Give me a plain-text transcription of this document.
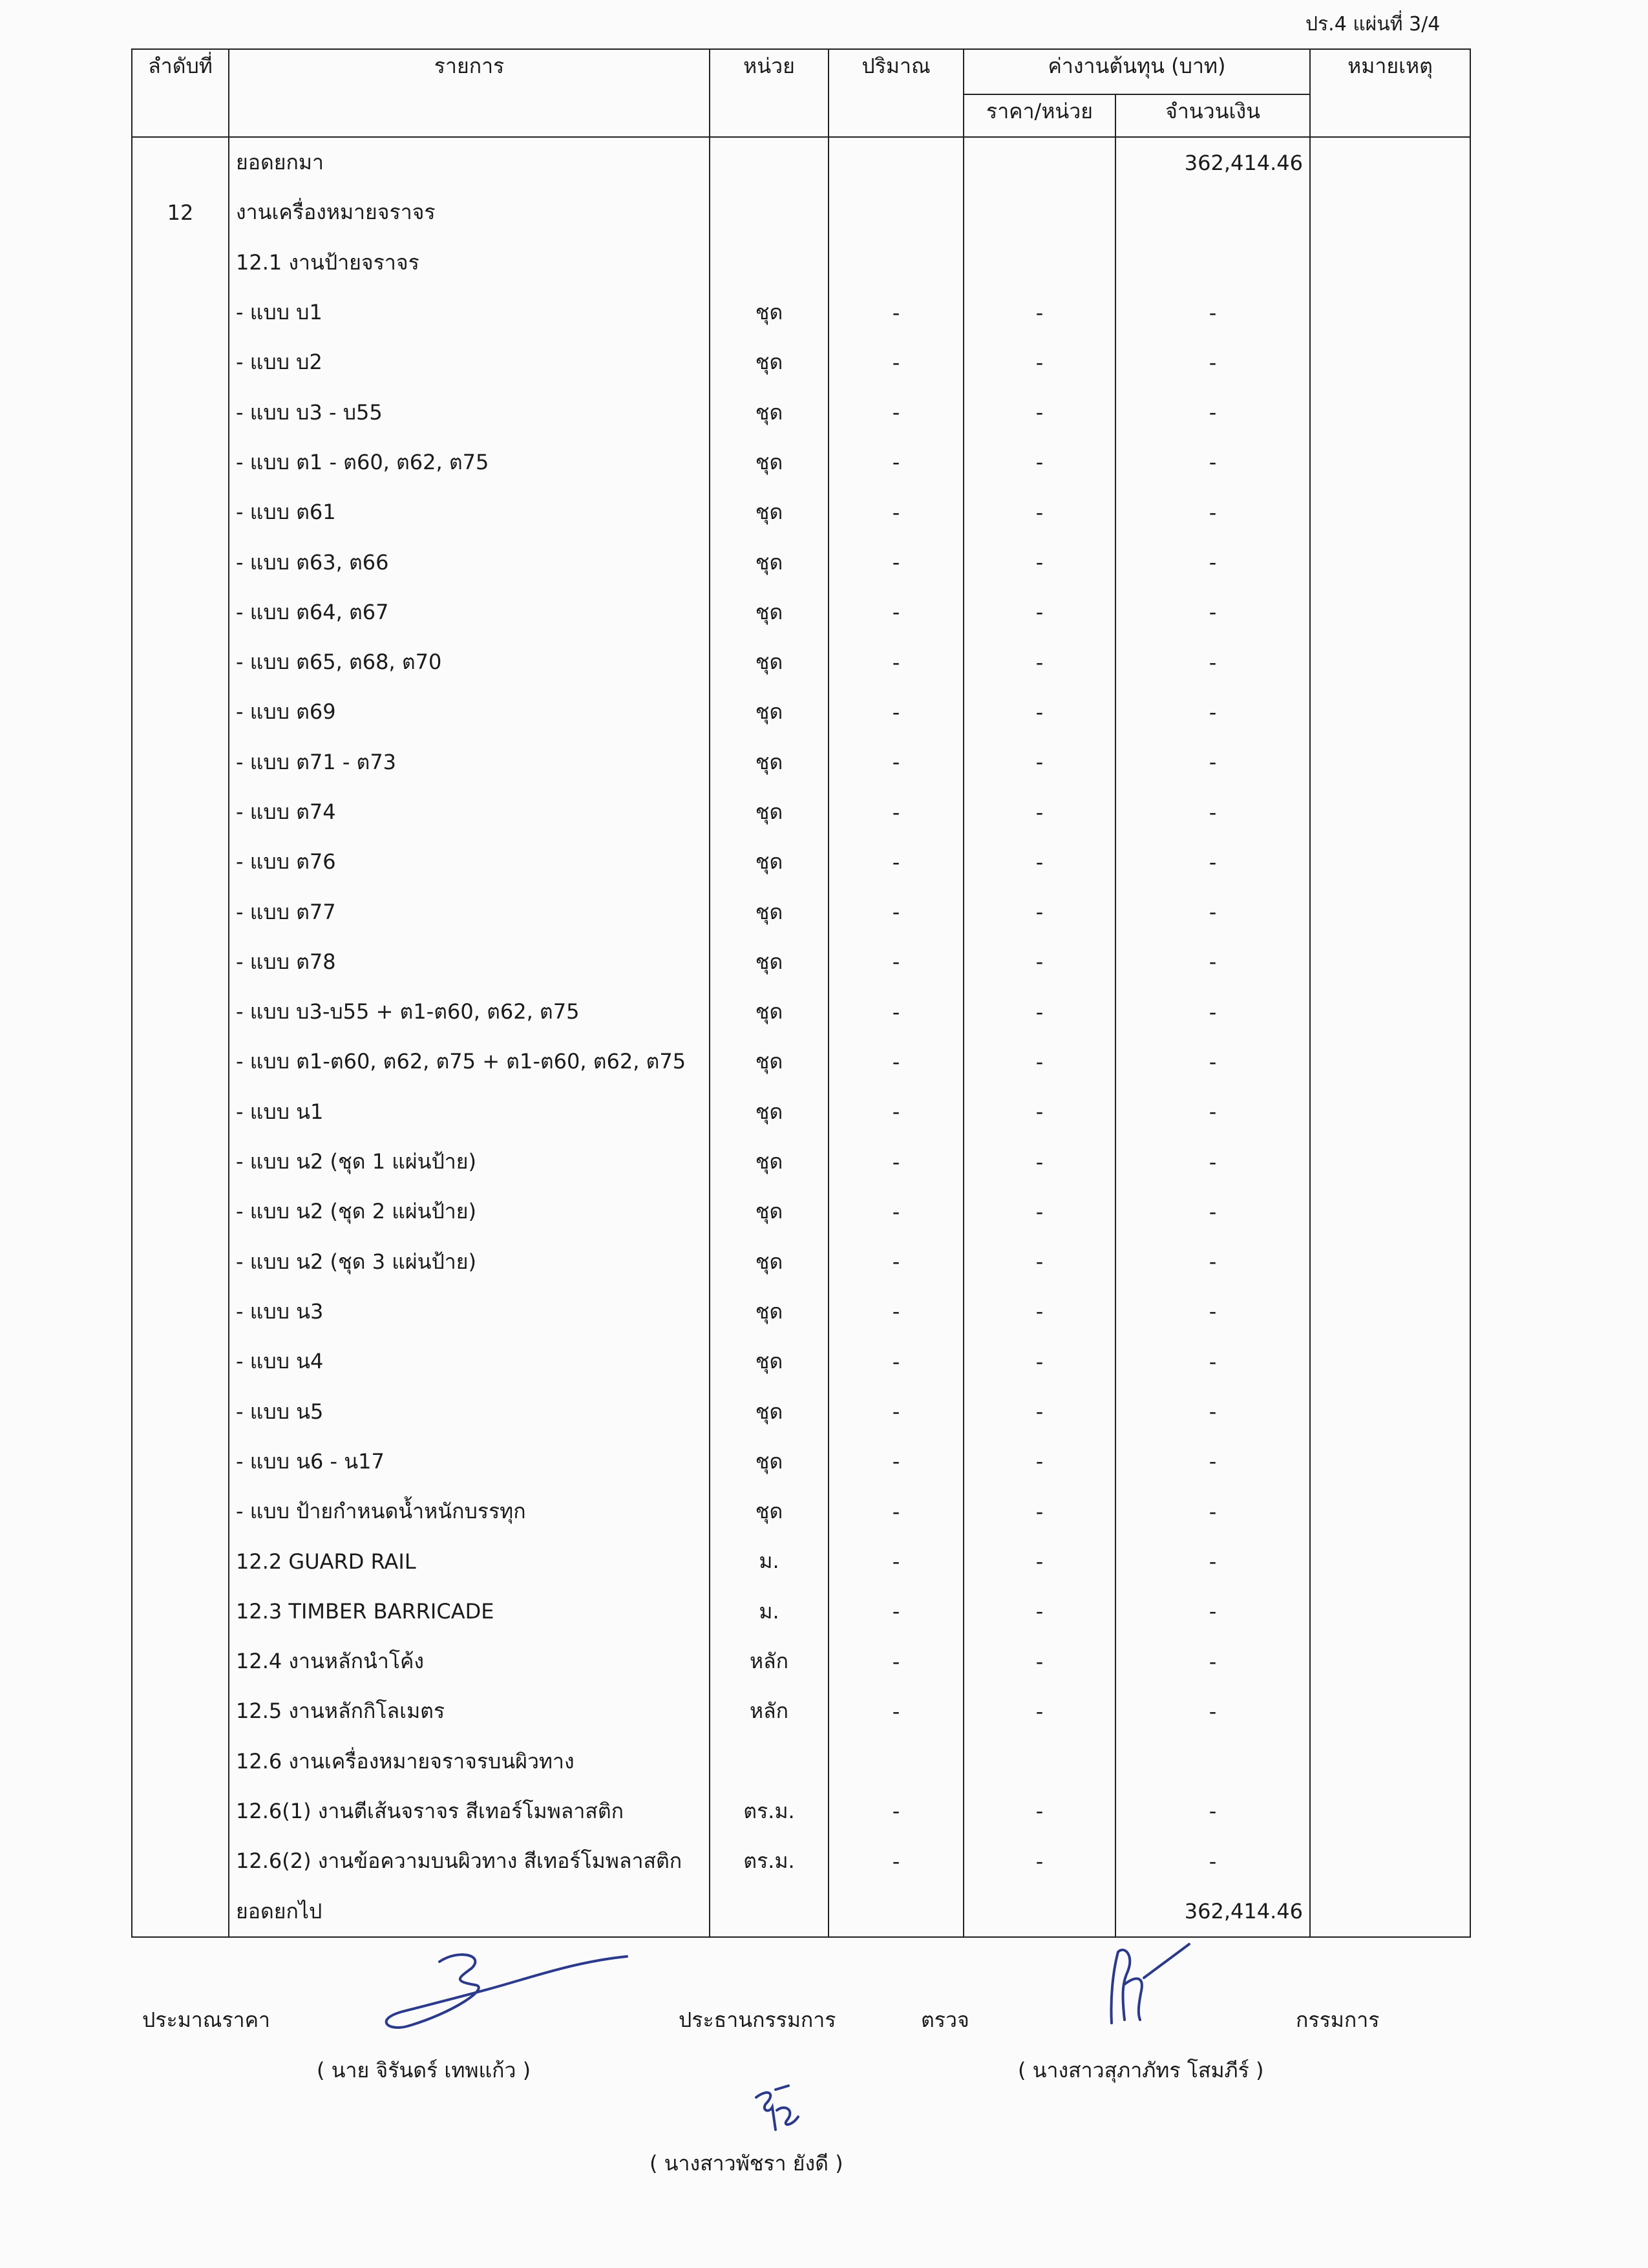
ปร.4 แผ่นที่ 3/4
ลำดับที่	รายการ	หน่วย	ปริมาณ	ค่างานต้นทุน (บาท)		หมายเหตุ
				ราคา/หน่วย	จำนวนเงิน	
	ยอดยกมา				362,414.46	
12	งานเครื่องหมายจราจร					
	12.1 งานป้ายจราจร					
	- แบบ บ1	ชุด	-	-	-	
	- แบบ บ2	ชุด	-	-	-	
	- แบบ บ3 - บ55	ชุด	-	-	-	
	- แบบ ต1 - ต60, ต62, ต75	ชุด	-	-	-	
	- แบบ ต61	ชุด	-	-	-	
	- แบบ ต63, ต66	ชุด	-	-	-	
	- แบบ ต64, ต67	ชุด	-	-	-	
	- แบบ ต65, ต68, ต70	ชุด	-	-	-	
	- แบบ ต69	ชุด	-	-	-	
	- แบบ ต71 - ต73	ชุด	-	-	-	
	- แบบ ต74	ชุด	-	-	-	
	- แบบ ต76	ชุด	-	-	-	
	- แบบ ต77	ชุด	-	-	-	
	- แบบ ต78	ชุด	-	-	-	
	- แบบ บ3-บ55 + ต1-ต60, ต62, ต75	ชุด	-	-	-	
	- แบบ ต1-ต60, ต62, ต75 + ต1-ต60, ต62, ต75	ชุด	-	-	-	
	- แบบ น1	ชุด	-	-	-	
	- แบบ น2 (ชุด 1 แผ่นป้าย)	ชุด	-	-	-	
	- แบบ น2 (ชุด 2 แผ่นป้าย)	ชุด	-	-	-	
	- แบบ น2 (ชุด 3 แผ่นป้าย)	ชุด	-	-	-	
	- แบบ น3	ชุด	-	-	-	
	- แบบ น4	ชุด	-	-	-	
	- แบบ น5	ชุด	-	-	-	
	- แบบ น6 - น17	ชุด	-	-	-	
	- แบบ ป้ายกำหนดน้ำหนักบรรทุก	ชุด	-	-	-	
	12.2 GUARD RAIL	ม.	-	-	-	
	12.3 TIMBER BARRICADE	ม.	-	-	-	
	12.4 งานหลักนำโค้ง	หลัก	-	-	-	
	12.5 งานหลักกิโลเมตร	หลัก	-	-	-	
	12.6 งานเครื่องหมายจราจรบนผิวทาง					
	12.6(1) งานตีเส้นจราจร สีเทอร์โมพลาสติก	ตร.ม.	-	-	-	
	12.6(2) งานข้อความบนผิวทาง สีเทอร์โมพลาสติก	ตร.ม.	-	-	-	
	ยอดยกไป				362,414.46	
ประมาณราคา	ประธานกรรมการ	ตรวจ	กรรมการ
( นาย จิรันดร์ เทพแก้ว )	( นางสาวสุภาภัทร โสมภีร์ )
( นางสาวพัชรา ยังดี )
